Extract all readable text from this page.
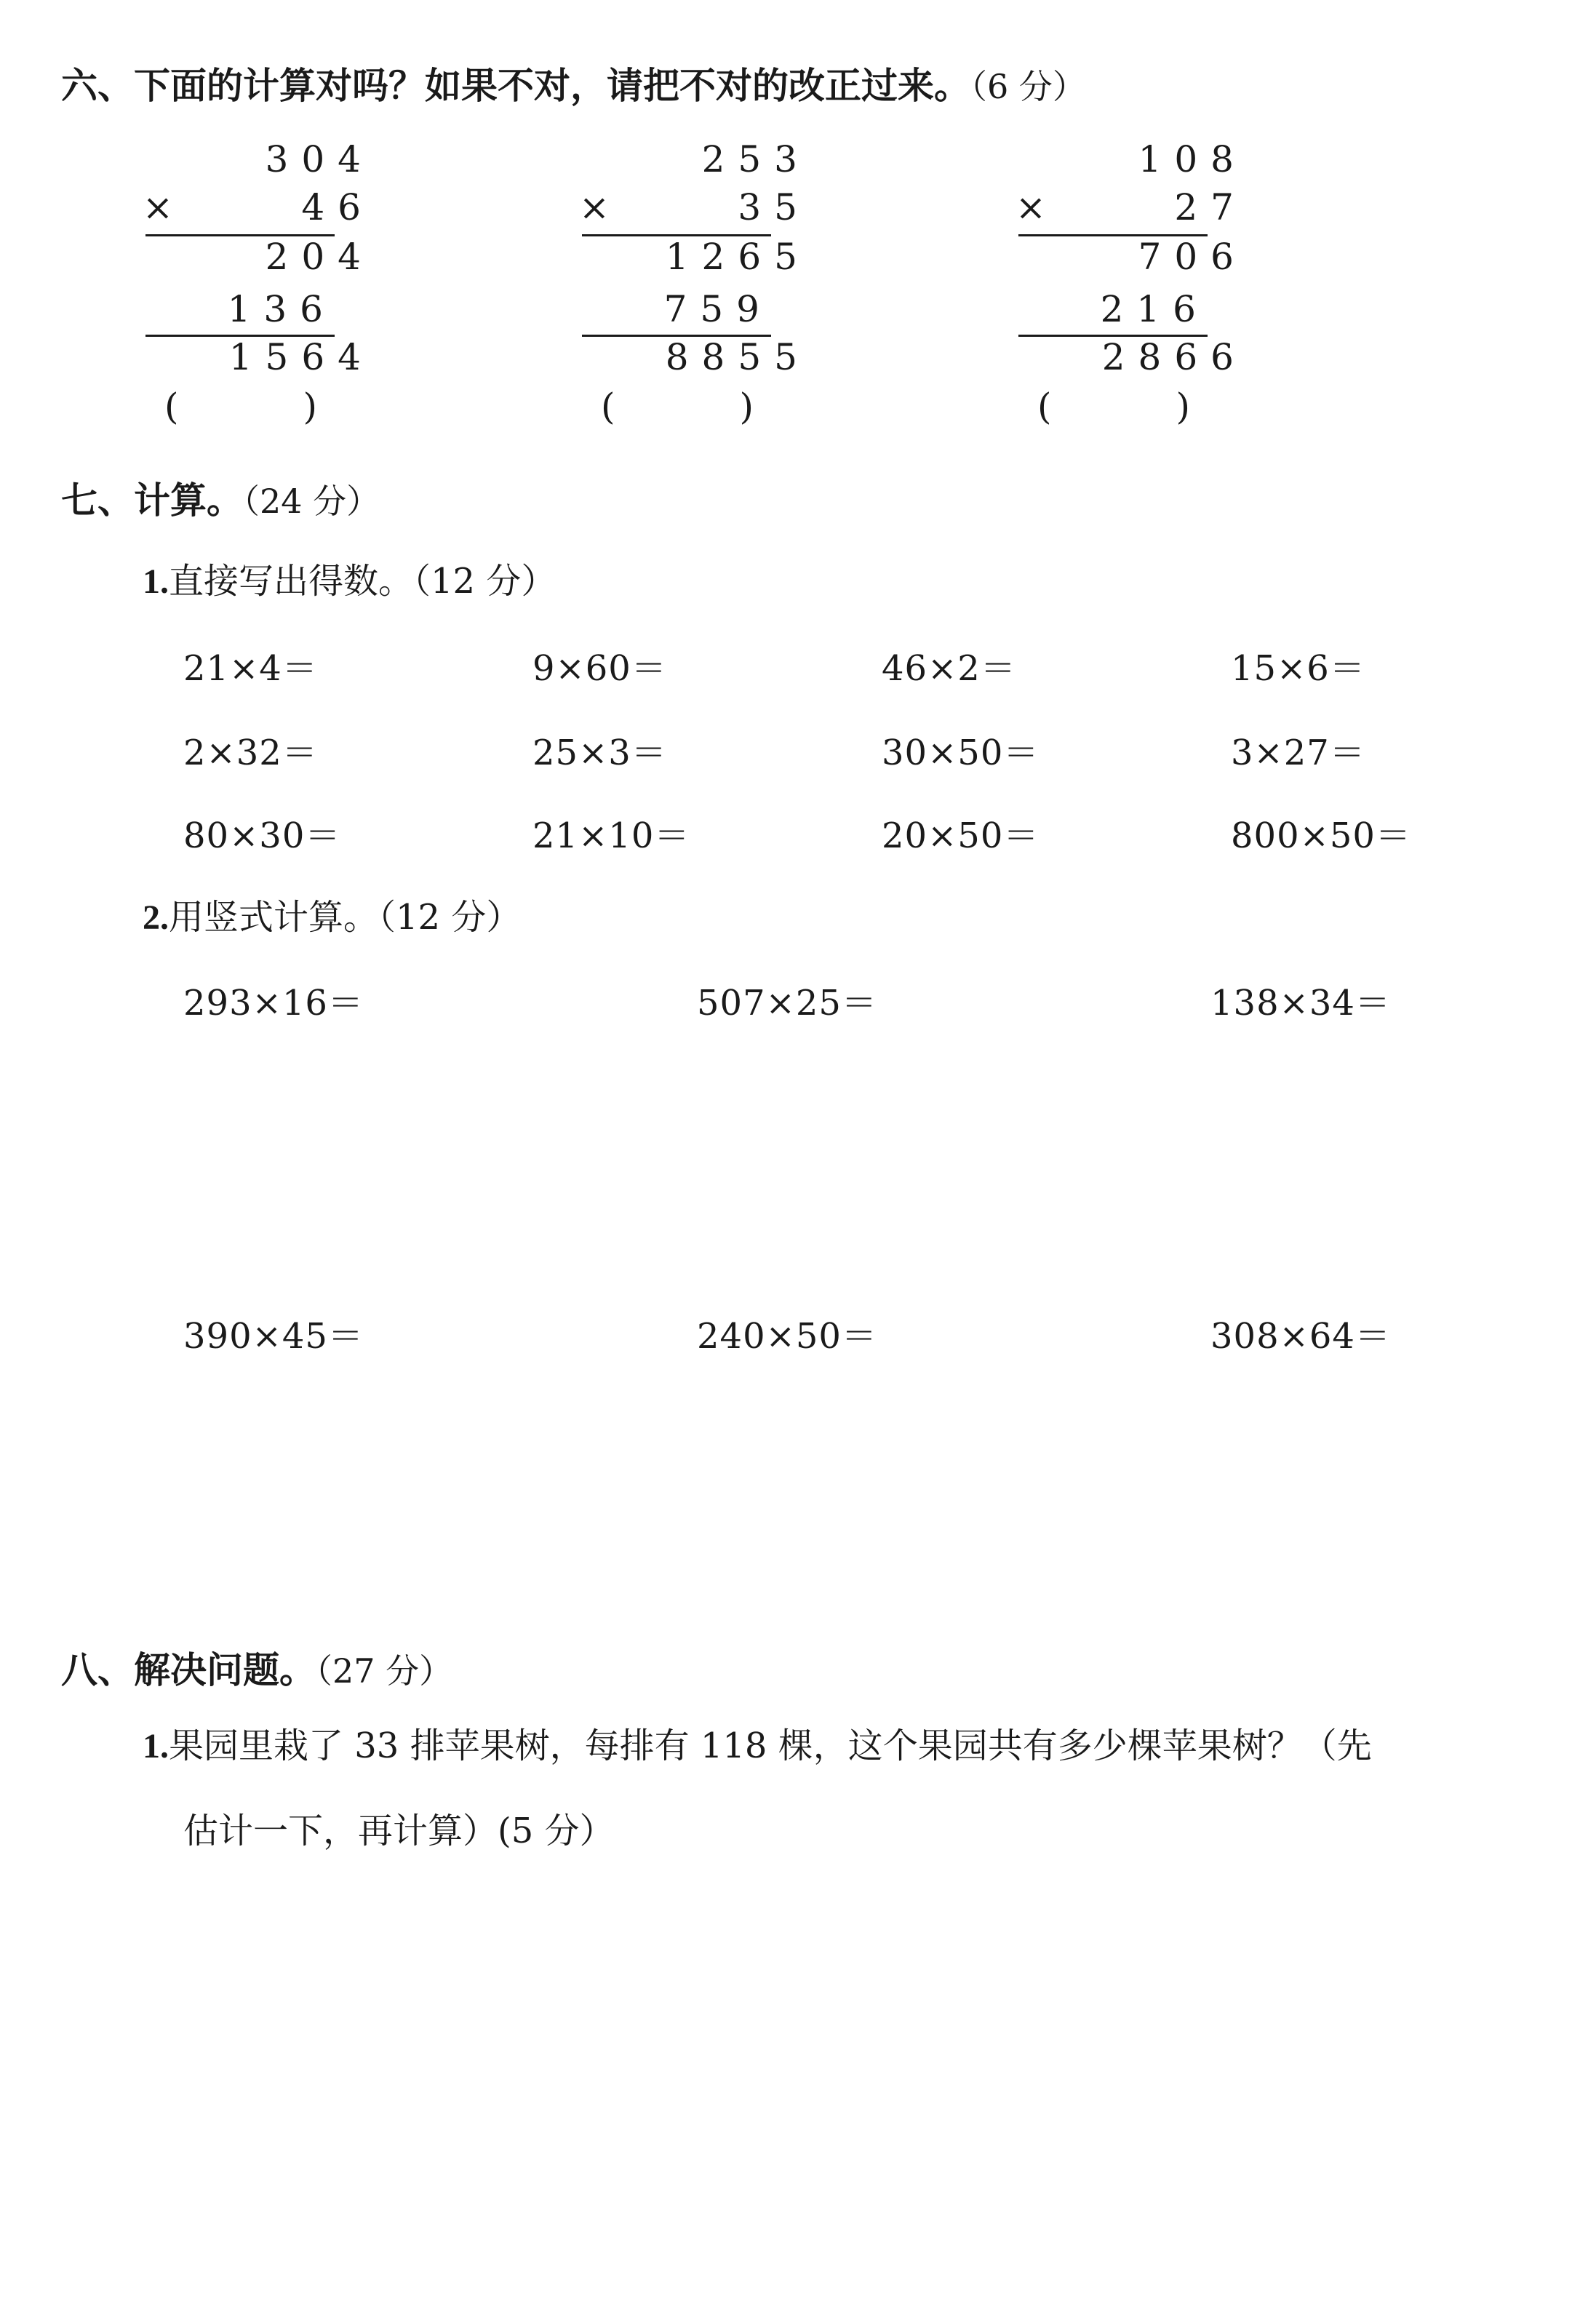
六、下面的计算对吗？如果不对，请把不对的改正过来。（6 分）
304
×	46
204
136
1564
(	)
253
×	35
1265
759
8855
(	)
108
×	27
706
216
2866
(	)
七、计算。（24 分）
1.直接写出得数。（12 分）
21×4＝	9×60＝	46×2＝	15×6＝
2×32＝	25×3＝	30×50＝	3×27＝
80×30＝	21×10＝	20×50＝	800×50＝
2.用竖式计算。（12 分）
293×16＝	507×25＝	138×34＝
390×45＝	240×50＝	308×64＝
八、解决问题。（27 分）
1.果园里栽了 33 排苹果树，每排有 118 棵，这个果园共有多少棵苹果树？（先
估计一下，再计算）(5 分）
